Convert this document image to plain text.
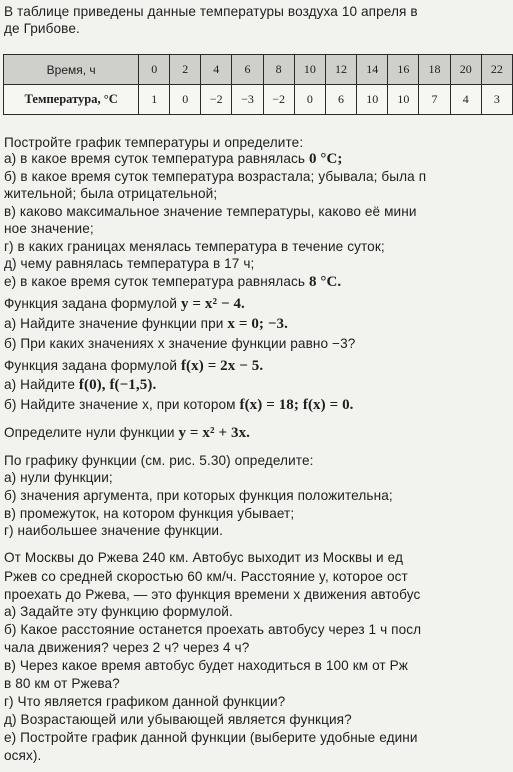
В таблице приведены данные температуры воздуха 10 апреля в
де Грибове.
Время, ч	0	2	4	6	8	10	12	14	16	18	20	22
Температура, °C	1	0	−2	−3	−2	0	6	10	10	7	4	3
Постройте график температуры и определите:
а) в какое время суток температура равнялась 0 °С;
б) в какое время суток температура возрастала; убывала; была п
жительной; была отрицательной;
в) каково максимальное значение температуры, каково её мини
ное значение;
г) в каких границах менялась температура в течение суток;
д) чему равнялась температура в 17 ч;
е) в какое время суток температура равнялась 8 °С.
Функция задана формулой y = x² − 4.
а) Найдите значение функции при x = 0; −3.
б) При каких значениях x значение функции равно −3?
Функция задана формулой f(x) = 2x − 5.
а) Найдите f(0), f(−1,5).
б) Найдите значение x, при котором f(x) = 18; f(x) = 0.
Определите нули функции y = x² + 3x.
По графику функции (см. рис. 5.30) определите:
а) нули функции;
б) значения аргумента, при которых функция положительна;
в) промежуток, на котором функция убывает;
г) наибольшее значение функции.
От Москвы до Ржева 240 км. Автобус выходит из Москвы и ед
Ржев со средней скоростью 60 км/ч. Расстояние y, которое ост
проехать до Ржева, — это функция времени x движения автобус
а) Задайте эту функцию формулой.
б) Какое расстояние останется проехать автобусу через 1 ч посл
чала движения? через 2 ч? через 4 ч?
в) Через какое время автобус будет находиться в 100 км от Рж
в 80 км от Ржева?
г) Что является графиком данной функции?
д) Возрастающей или убывающей является функция?
е) Постройте график данной функции (выберите удобные едини
осях).
